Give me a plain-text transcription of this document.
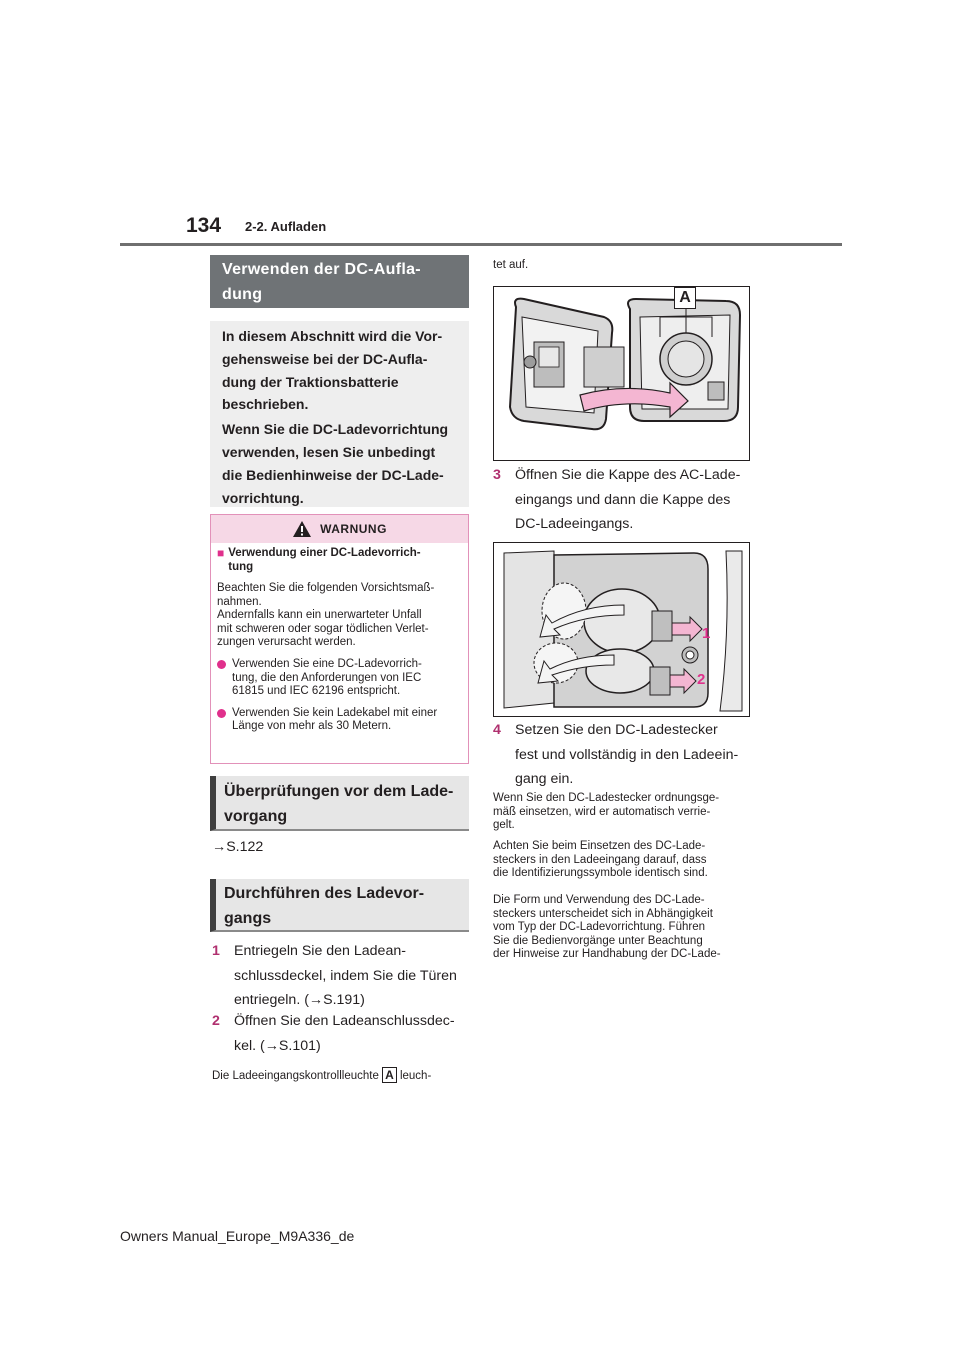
134 2-2. Aufladen
Verwenden der DC-Aufla-
dung

In diesem Abschnitt wird die Vor-
gehensweise bei der DC-Aufla-
dung der Traktionsbatterie
beschrieben.

Wenn Sie die DC-Ladevorrichtung
verwenden, lesen Sie unbedingt
die Bedienhinweise der DC-Lade-
vorrichtung.

WARNUNG
■ Verwendung einer DC-Ladevorrich-
tung

Beachten Sie die folgenden Vorsichtsmaß-
nahmen.

Andernfalls kann ein unerwarteter Unfall
mit schweren oder sogar tödlichen Verlet-
zungen verursacht werden.

Verwenden Sie eine DC-Ladevorrich-
tung, die den Anforderungen von IEC
61815 und IEC 62196 entspricht.
Verwenden Sie kein Ladekabel mit einer
Länge von mehr als 30 Metern.
Überprüfungen vor dem Lade-
vorgang
→S.122
Durchführen des Ladevor-
gangs
1 Entriegeln Sie den Ladean-
schlussdeckel, indem Sie die Türen
entriegeln. (→S.191)
2 Öffnen Sie den Ladeanschlussdec-
kel. (→S.101)
Die Ladeeingangskontrollleuchte A leuch-
tet auf.
A
3 Öffnen Sie die Kappe des AC-Lade-
eingangs und dann die Kappe des
DC-Ladeeingangs.
1
2
4 Setzen Sie den DC-Ladestecker
fest und vollständig in den Ladeein-
gang ein.
Wenn Sie den DC-Ladestecker ordnungsge-
mäß einsetzen, wird er automatisch verrie-
gelt.
Achten Sie beim Einsetzen des DC-Lade-
steckers in den Ladeeingang darauf, dass
die Identifizierungssymbole identisch sind.
Die Form und Verwendung des DC-Lade-
steckers unterscheidet sich in Abhängigkeit
vom Typ der DC-Ladevorrichtung. Führen
Sie die Bedienvorgänge unter Beachtung
der Hinweise zur Handhabung der DC-Lade-
Owners Manual_Europe_M9A336_de
